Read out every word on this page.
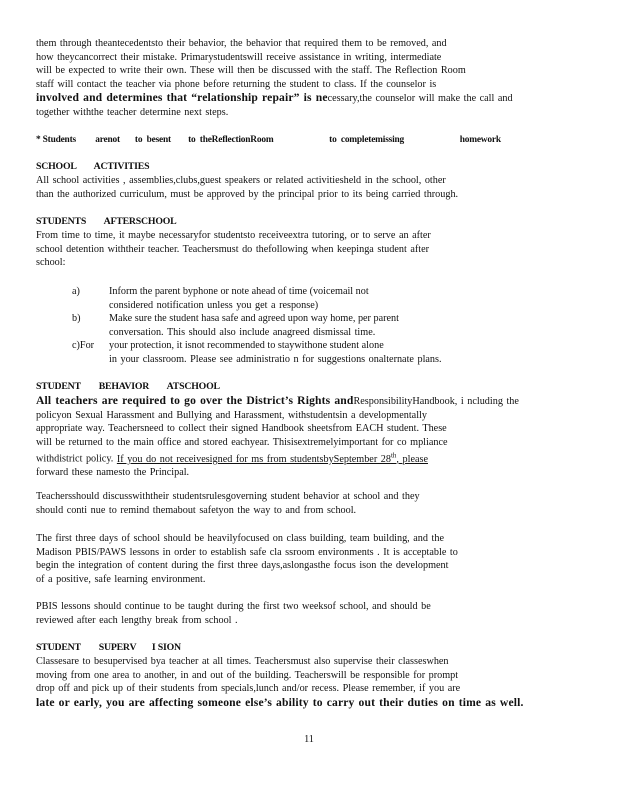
them through theantecedentsto their behavior, the behavior that required them to be removed, and

how theycancorrect their mistake. Primarystudentswill receive assistance in writing, intermediate

will be expected to write their own. These will then be discussed with the staff. The Reflection Room

staff will contact the teacher via phone before returning the student to class. If the counselor is

involved and determines that “relationship repair” is necessary,the counselor will make the call and

together withthe teacher determine next steps.

* Students         arenot       to  besent        to  theReflectionRoom                          to  completemissing                          homework
SCHOOL        ACTIVITIES

All school activities , assemblies,clubs,guest speakers or related activitiesheld in the school, other

than the authorized curriculum, must be approved by the principal prior to its being carried through.

STUDENTS        AFTERSCHOOL

From time to time, it maybe necessaryfor studentsto receiveextra tutoring, or to serve an after

school detention withtheir teacher. Teachersmust do thefollowing when keepinga student after

school:

a)	Inform the parent byphone or note ahead of time (voicemail not

considered notification unless you get a response)

b)	Make sure the student hasa safe and agreed upon way home, per parent

conversation. This should also include anagreed dismissal time.

c)For	your protection, it isnot recommended to staywithone student alone

in your classroom. Please see administratio n for suggestions onalternate plans.

STUDENT        BEHAVIOR        ATSCHOOL

All teachers are required to go over the District’s Rights andResponsibilityHandbook, i ncluding the

policyon Sexual Harassment and Bullying and Harassment, withstudentsin a developmentally

appropriate way. Teachersneed to collect their signed Handbook sheetsfrom EACH student. These

will be returned to the main office and stored eachyear. Thisisextremelyimportant for co mpliance

withdistrict policy. If you do not receivesigned for ms from studentsbySeptember 28th, please

forward these namesto the Principal.

Teachersshould discusswiththeir studentsrulesgoverning student behavior at school and they

should conti nue to remind themabout safetyon the way to and from school.

The first three days of school should be heavilyfocused on class building, team building, and the

Madison PBIS/PAWS lessons in order to establish safe cla ssroom environments . It is acceptable to

begin the integration of content during the first three days,aslongasthe focus ison the development

of a positive, safe learning environment.

PBIS lessons should continue to be taught during the first two weeksof school, and should be

reviewed after each lengthy break from school .

STUDENT        SUPERV       I SION

Classesare to besupervised bya teacher at all times. Teachersmust also supervise their classeswhen

moving from one area to another, in and out of the building. Teacherswill be responsible for prompt

drop off and pick up of their students from specials,lunch and/or recess. Please remember, if you are

late or early, you are affecting someone else’s ability to carry out their duties on time as well.

11
